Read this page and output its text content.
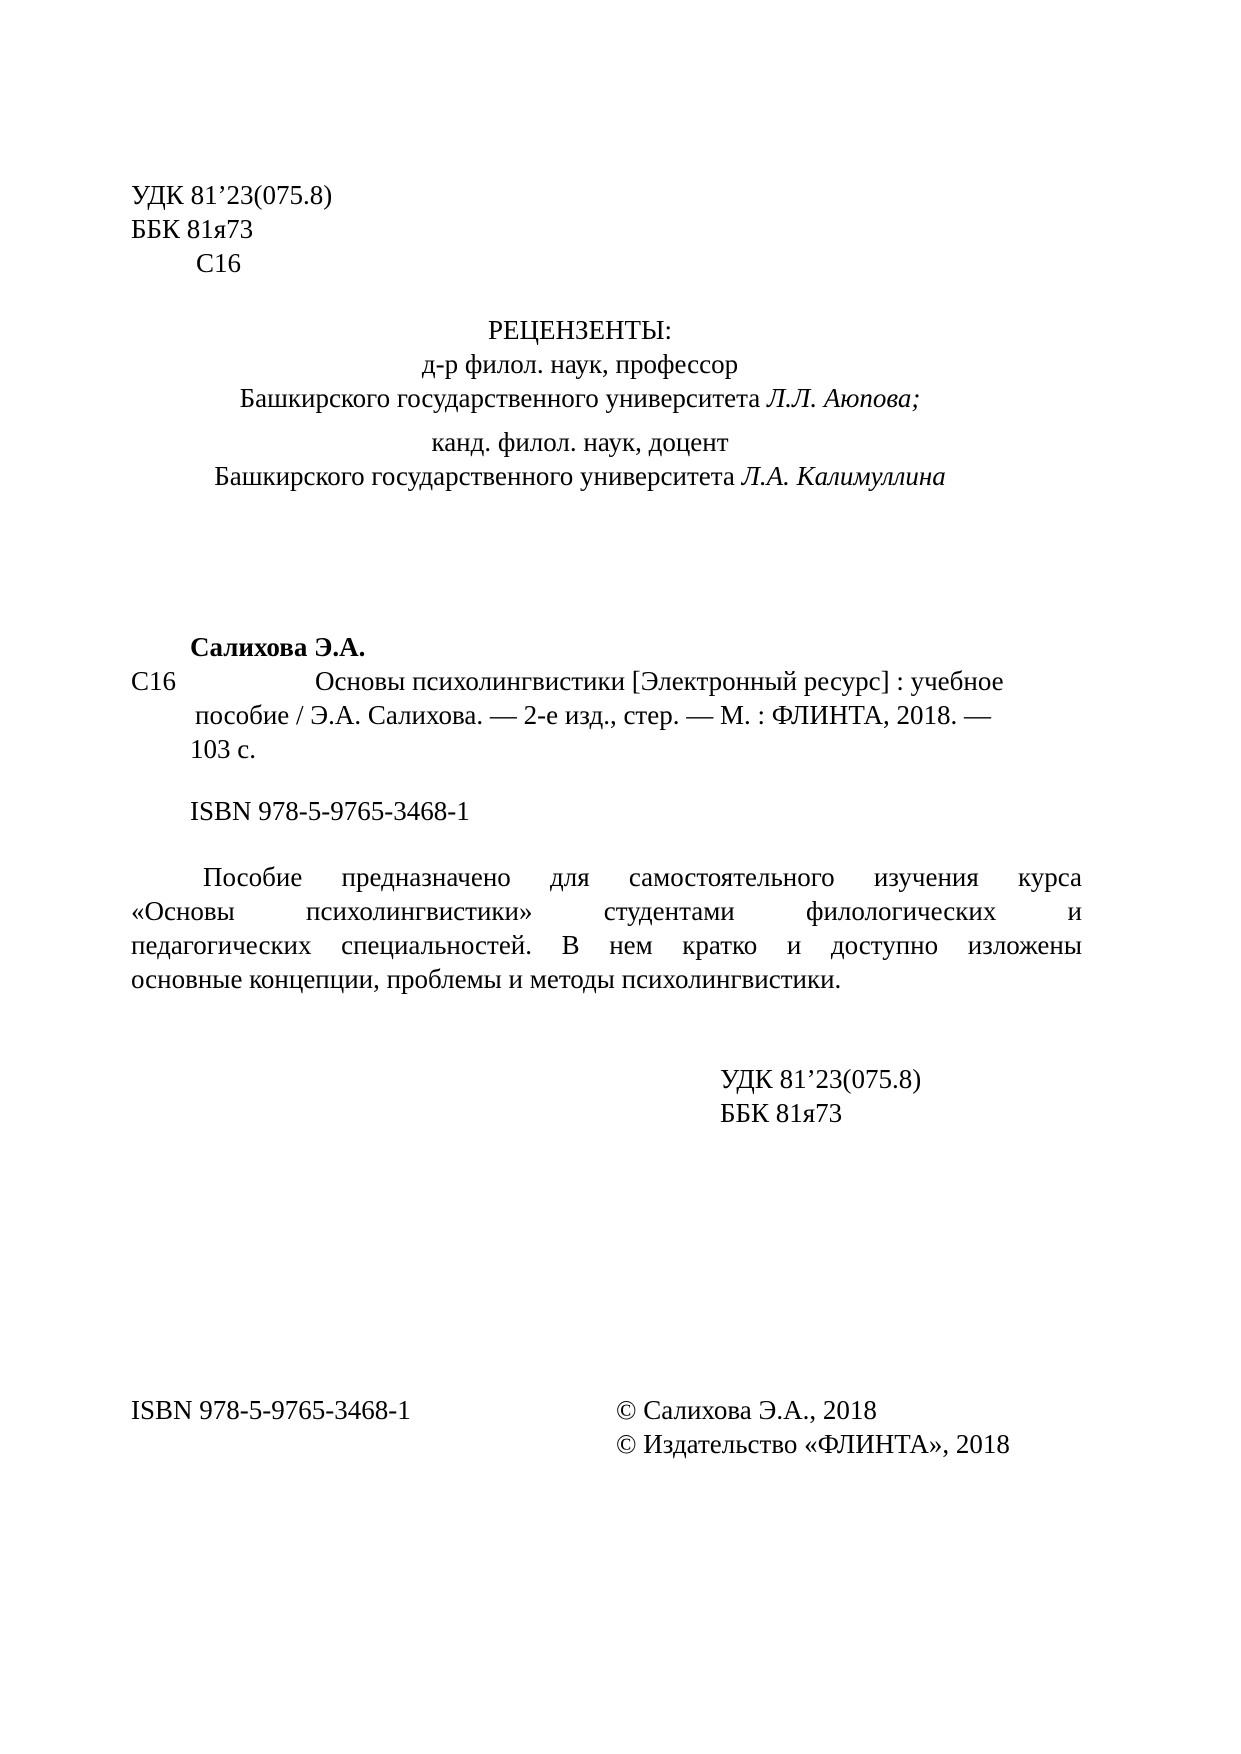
УДК 81’23(075.8)
ББК 81я73
С16
РЕЦЕНЗЕНТЫ:
д-р филол. наук, профессор
Башкирского государственного университета Л.Л. Аюпова;
канд. филол. наук, доцент
Башкирского государственного университета Л.А. Калимуллина
Салихова Э.А.
С16	Основы психолингвистики [Электронный ресурс] : учебное
пособие / Э.А. Салихова. — 2-е изд., стер. — М. : ФЛИНТА, 2018. —
103 с.
ISBN 978-5-9765-3468-1
Пособие предназначено для самостоятельного изучения курса
«Основы психолингвистики» студентами филологических и
педагогических специальностей. В нем кратко и доступно изложены
основные концепции, проблемы и методы психолингвистики.
УДК 81’23(075.8)
ББК 81я73
ISBN 978-5-9765-3468-1	© Салихова Э.А., 2018
© Издательство «ФЛИНТА», 2018
